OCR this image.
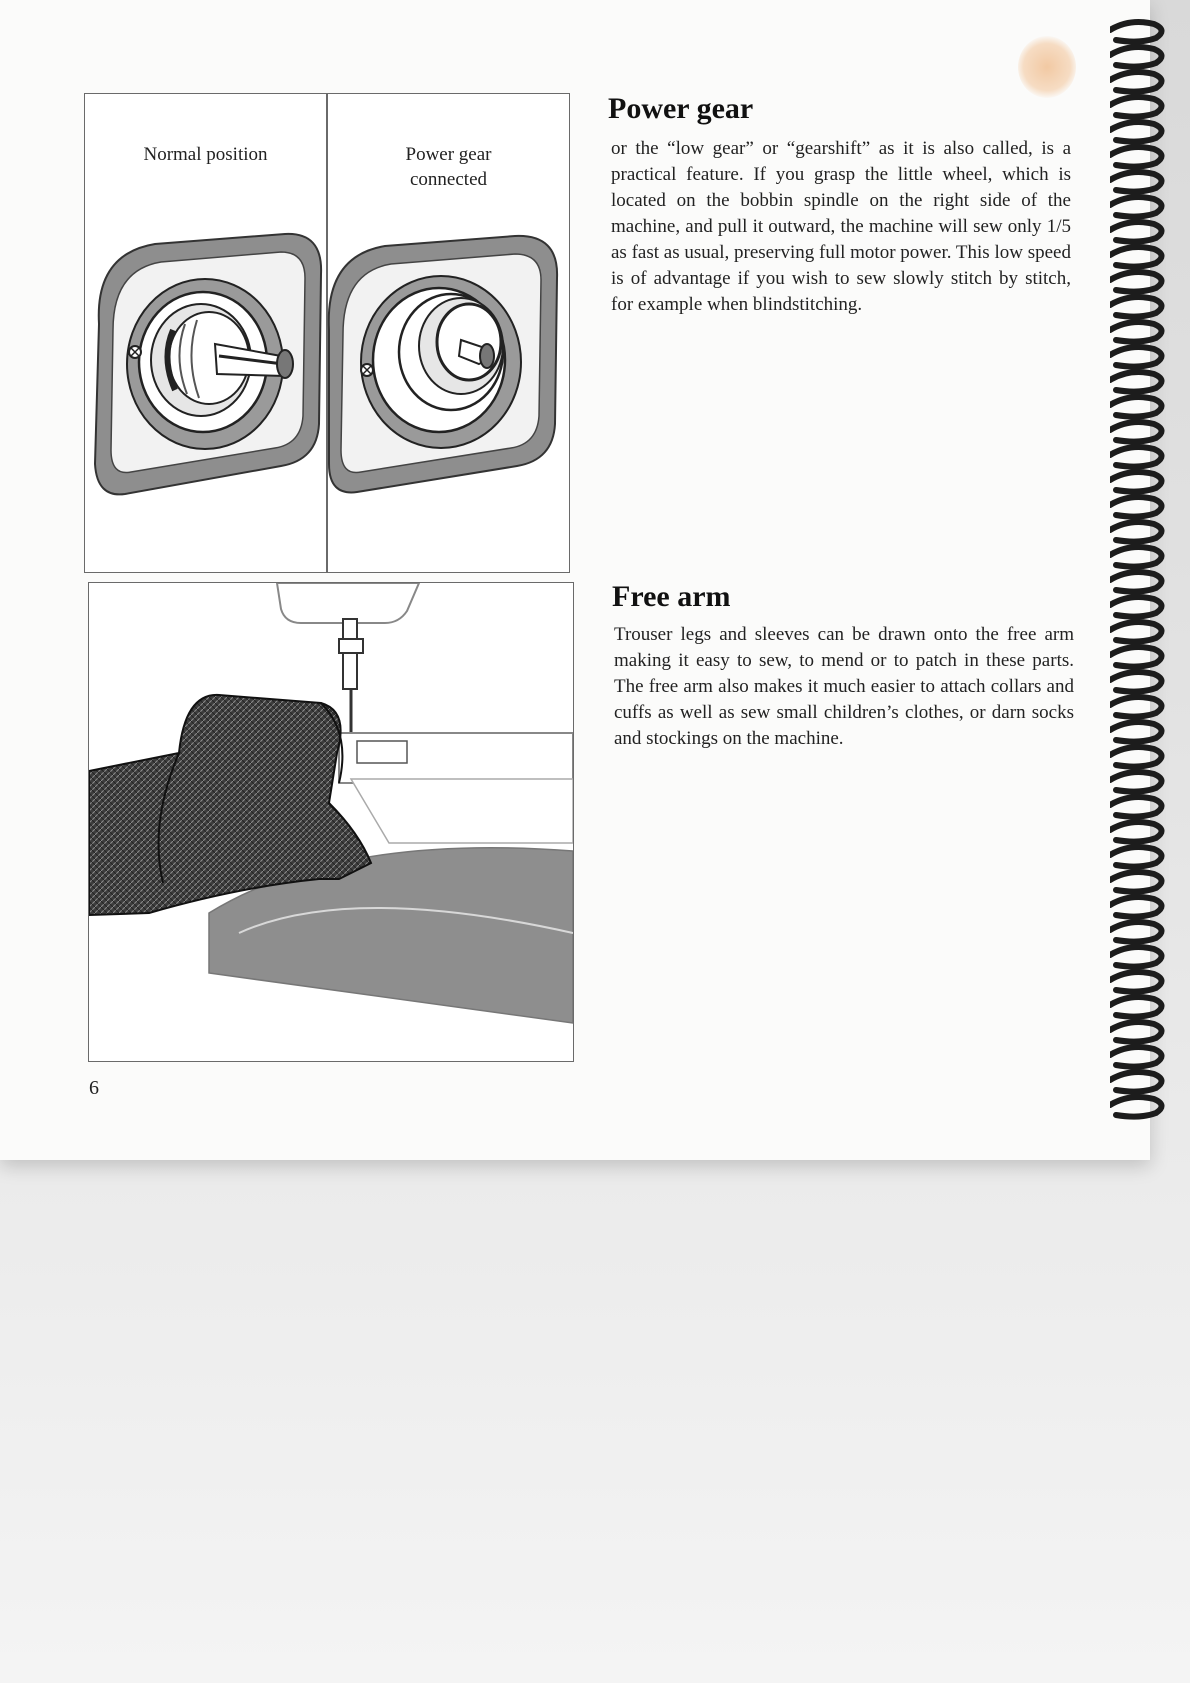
Normal position	Power gear
connected
Power gear

or the “low gear” or “gearshift” as it is also called, is a practical feature. If you grasp the little wheel, which is located on the bobbin spindle on the right side of the machine, and pull it outward, the machine will sew only 1/5 as fast as usual, preserving full motor power. This low speed is of advantage if you wish to sew slowly stitch by stitch, for example when blindstitching.

Free arm

Trouser legs and sleeves can be drawn onto the free arm making it easy to sew, to mend or to patch in these parts. The free arm also makes it much easier to attach collars and cuffs as well as sew small children’s clothes, or darn socks and stockings on the machine.

6
